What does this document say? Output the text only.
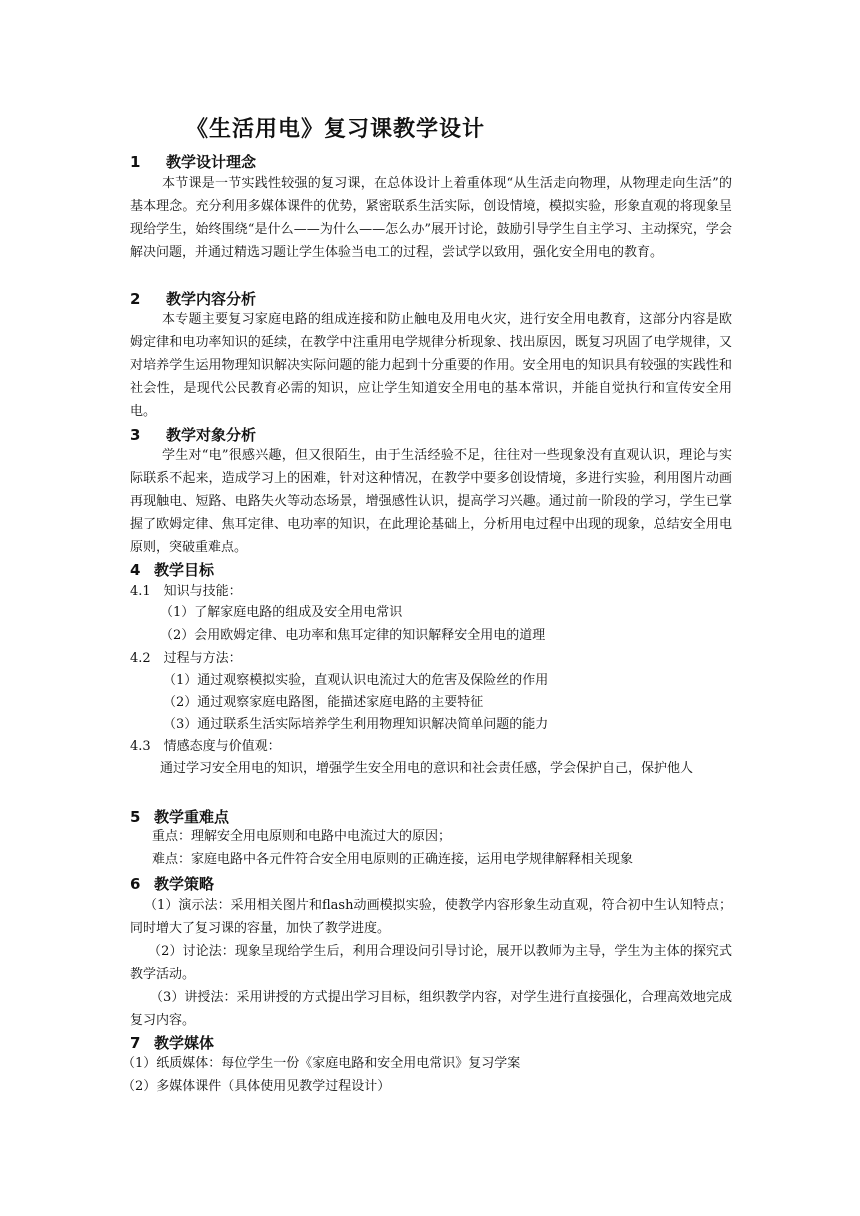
《生活用电》复习课教学设计
1 教学设计理念
本节课是一节实践性较强的复习课，在总体设计上着重体现“从生活走向物理，从物理走向生活”的基本理念。充分利用多媒体课件的优势，紧密联系生活实际，创设情境，模拟实验，形象直观的将现象呈现给学生，始终围绕“是什么——为什么——怎么办”展开讨论，鼓励引导学生自主学习、主动探究，学会解决问题，并通过精选习题让学生体验当电工的过程，尝试学以致用，强化安全用电的教育。
2 教学内容分析
本专题主要复习家庭电路的组成连接和防止触电及用电火灾，进行安全用电教育，这部分内容是欧姆定律和电功率知识的延续，在教学中注重用电学规律分析现象、找出原因，既复习巩固了电学规律，又对培养学生运用物理知识解决实际问题的能力起到十分重要的作用。安全用电的知识具有较强的实践性和社会性，是现代公民教育必需的知识，应让学生知道安全用电的基本常识，并能自觉执行和宣传安全用电。
3 教学对象分析
学生对“电”很感兴趣，但又很陌生，由于生活经验不足，往往对一些现象没有直观认识，理论与实际联系不起来，造成学习上的困难，针对这种情况，在教学中要多创设情境，多进行实验，利用图片动画再现触电、短路、电路失火等动态场景，增强感性认识，提高学习兴趣。通过前一阶段的学习，学生已掌握了欧姆定律、焦耳定律、电功率的知识，在此理论基础上，分析用电过程中出现的现象，总结安全用电原则，突破重难点。
4 教学目标
4.1　知识与技能：
（1）了解家庭电路的组成及安全用电常识
（2）会用欧姆定律、电功率和焦耳定律的知识解释安全用电的道理
4.2　过程与方法：
（1）通过观察模拟实验，直观认识电流过大的危害及保险丝的作用
（2）通过观察家庭电路图，能描述家庭电路的主要特征
（3）通过联系生活实际培养学生利用物理知识解决简单问题的能力
4.3　情感态度与价值观：
通过学习安全用电的知识，增强学生安全用电的意识和社会责任感，学会保护自己，保护他人
5 教学重难点
重点：理解安全用电原则和电路中电流过大的原因；
难点：家庭电路中各元件符合安全用电原则的正确连接，运用电学规律解释相关现象
6 教学策略
（1）演示法：采用相关图片和flash动画模拟实验，使教学内容形象生动直观，符合初中生认知特点；同时增大了复习课的容量，加快了教学进度。
（2）讨论法：现象呈现给学生后，利用合理设问引导讨论，展开以教师为主导，学生为主体的探究式教学活动。
（3）讲授法：采用讲授的方式提出学习目标，组织教学内容，对学生进行直接强化，合理高效地完成复习内容。
7 教学媒体
（1）纸质媒体：每位学生一份《家庭电路和安全用电常识》复习学案
（2）多媒体课件（具体使用见教学过程设计）
